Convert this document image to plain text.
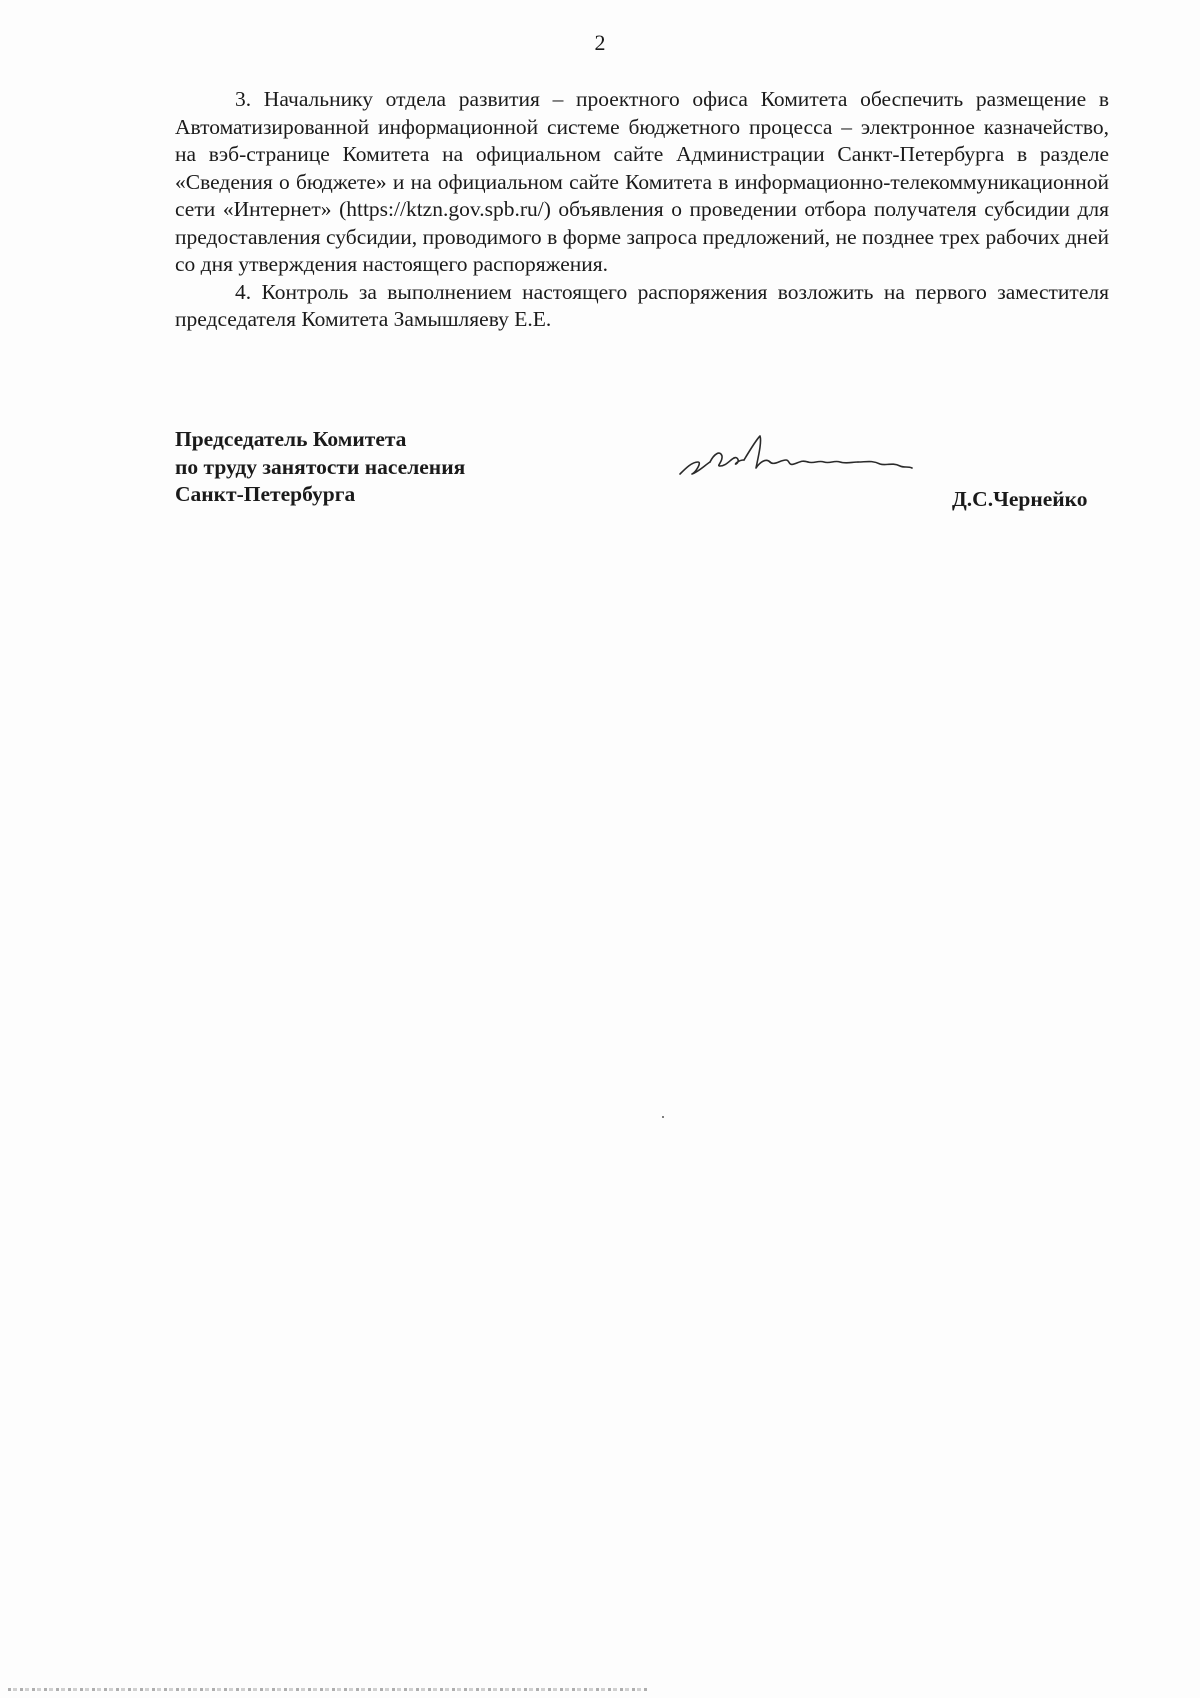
2

3. Начальнику отдела развития – проектного офиса Комитета обеспечить размещение в Автоматизированной информационной системе бюджетного процесса – электронное казначейство, на вэб-странице Комитета на официальном сайте Администрации Санкт-Петербурга в разделе «Сведения о бюджете» и на официальном сайте Комитета в информационно-телекоммуникационной сети «Интернет» (https://ktzn.gov.spb.ru/) объявления о проведении отбора получателя субсидии для предоставления субсидии, проводимого в форме запроса предложений, не позднее трех рабочих дней со дня утверждения настоящего распоряжения.

4. Контроль за выполнением настоящего распоряжения возложить на первого заместителя председателя Комитета Замышляеву Е.Е.

Председатель Комитета
по труду занятости населения
Санкт-Петербурга	Д.С.Чернейко
